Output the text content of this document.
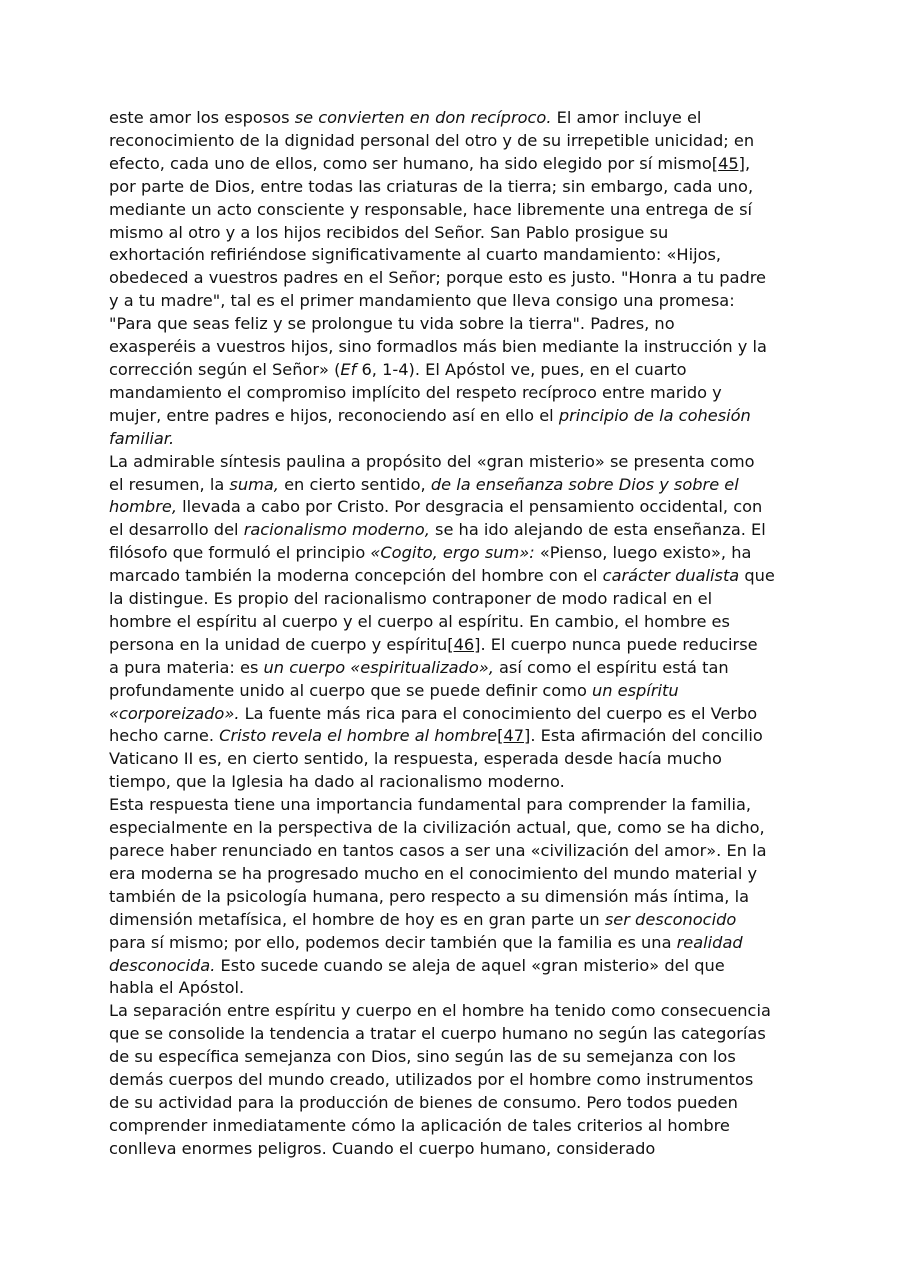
este amor los esposos se convierten en don recíproco. El amor incluye el
reconocimiento de la dignidad personal del otro y de su irrepetible unicidad; en
efecto, cada uno de ellos, como ser humano, ha sido elegido por sí mismo[45],
por parte de Dios, entre todas las criaturas de la tierra; sin embargo, cada uno,
mediante un acto consciente y responsable, hace libremente una entrega de sí
mismo al otro y a los hijos recibidos del Señor. San Pablo prosigue su
exhortación refiriéndose significativamente al cuarto mandamiento: «Hijos,
obedeced a vuestros padres en el Señor; porque esto es justo. "Honra a tu padre
y a tu madre", tal es el primer mandamiento que lleva consigo una promesa:
"Para que seas feliz y se prolongue tu vida sobre la tierra". Padres, no
exasperéis a vuestros hijos, sino formadlos más bien mediante la instrucción y la
corrección según el Señor» (Ef 6, 1-4). El Apóstol ve, pues, en el cuarto
mandamiento el compromiso implícito del respeto recíproco entre marido y
mujer, entre padres e hijos, reconociendo así en ello el principio de la cohesión
familiar.
La admirable síntesis paulina a propósito del «gran misterio» se presenta como
el resumen, la suma, en cierto sentido, de la enseñanza sobre Dios y sobre el
hombre, llevada a cabo por Cristo. Por desgracia el pensamiento occidental, con
el desarrollo del racionalismo moderno, se ha ido alejando de esta enseñanza. El
filósofo que formuló el principio «Cogito, ergo sum»: «Pienso, luego existo», ha
marcado también la moderna concepción del hombre con el carácter dualista que
la distingue. Es propio del racionalismo contraponer de modo radical en el
hombre el espíritu al cuerpo y el cuerpo al espíritu. En cambio, el hombre es
persona en la unidad de cuerpo y espíritu[46]. El cuerpo nunca puede reducirse
a pura materia: es un cuerpo «espiritualizado», así como el espíritu está tan
profundamente unido al cuerpo que se puede definir como un espíritu
«corporeizado». La fuente más rica para el conocimiento del cuerpo es el Verbo
hecho carne. Cristo revela el hombre al hombre[47]. Esta afirmación del concilio
Vaticano II es, en cierto sentido, la respuesta, esperada desde hacía mucho
tiempo, que la Iglesia ha dado al racionalismo moderno.
Esta respuesta tiene una importancia fundamental para comprender la familia,
especialmente en la perspectiva de la civilización actual, que, como se ha dicho,
parece haber renunciado en tantos casos a ser una «civilización del amor». En la
era moderna se ha progresado mucho en el conocimiento del mundo material y
también de la psicología humana, pero respecto a su dimensión más íntima, la
dimensión metafísica, el hombre de hoy es en gran parte un ser desconocido
para sí mismo; por ello, podemos decir también que la familia es una realidad
desconocida. Esto sucede cuando se aleja de aquel «gran misterio» del que
habla el Apóstol.
La separación entre espíritu y cuerpo en el hombre ha tenido como consecuencia
que se consolide la tendencia a tratar el cuerpo humano no según las categorías
de su específica semejanza con Dios, sino según las de su semejanza con los
demás cuerpos del mundo creado, utilizados por el hombre como instrumentos
de su actividad para la producción de bienes de consumo. Pero todos pueden
comprender inmediatamente cómo la aplicación de tales criterios al hombre
conlleva enormes peligros. Cuando el cuerpo humano, considerado
